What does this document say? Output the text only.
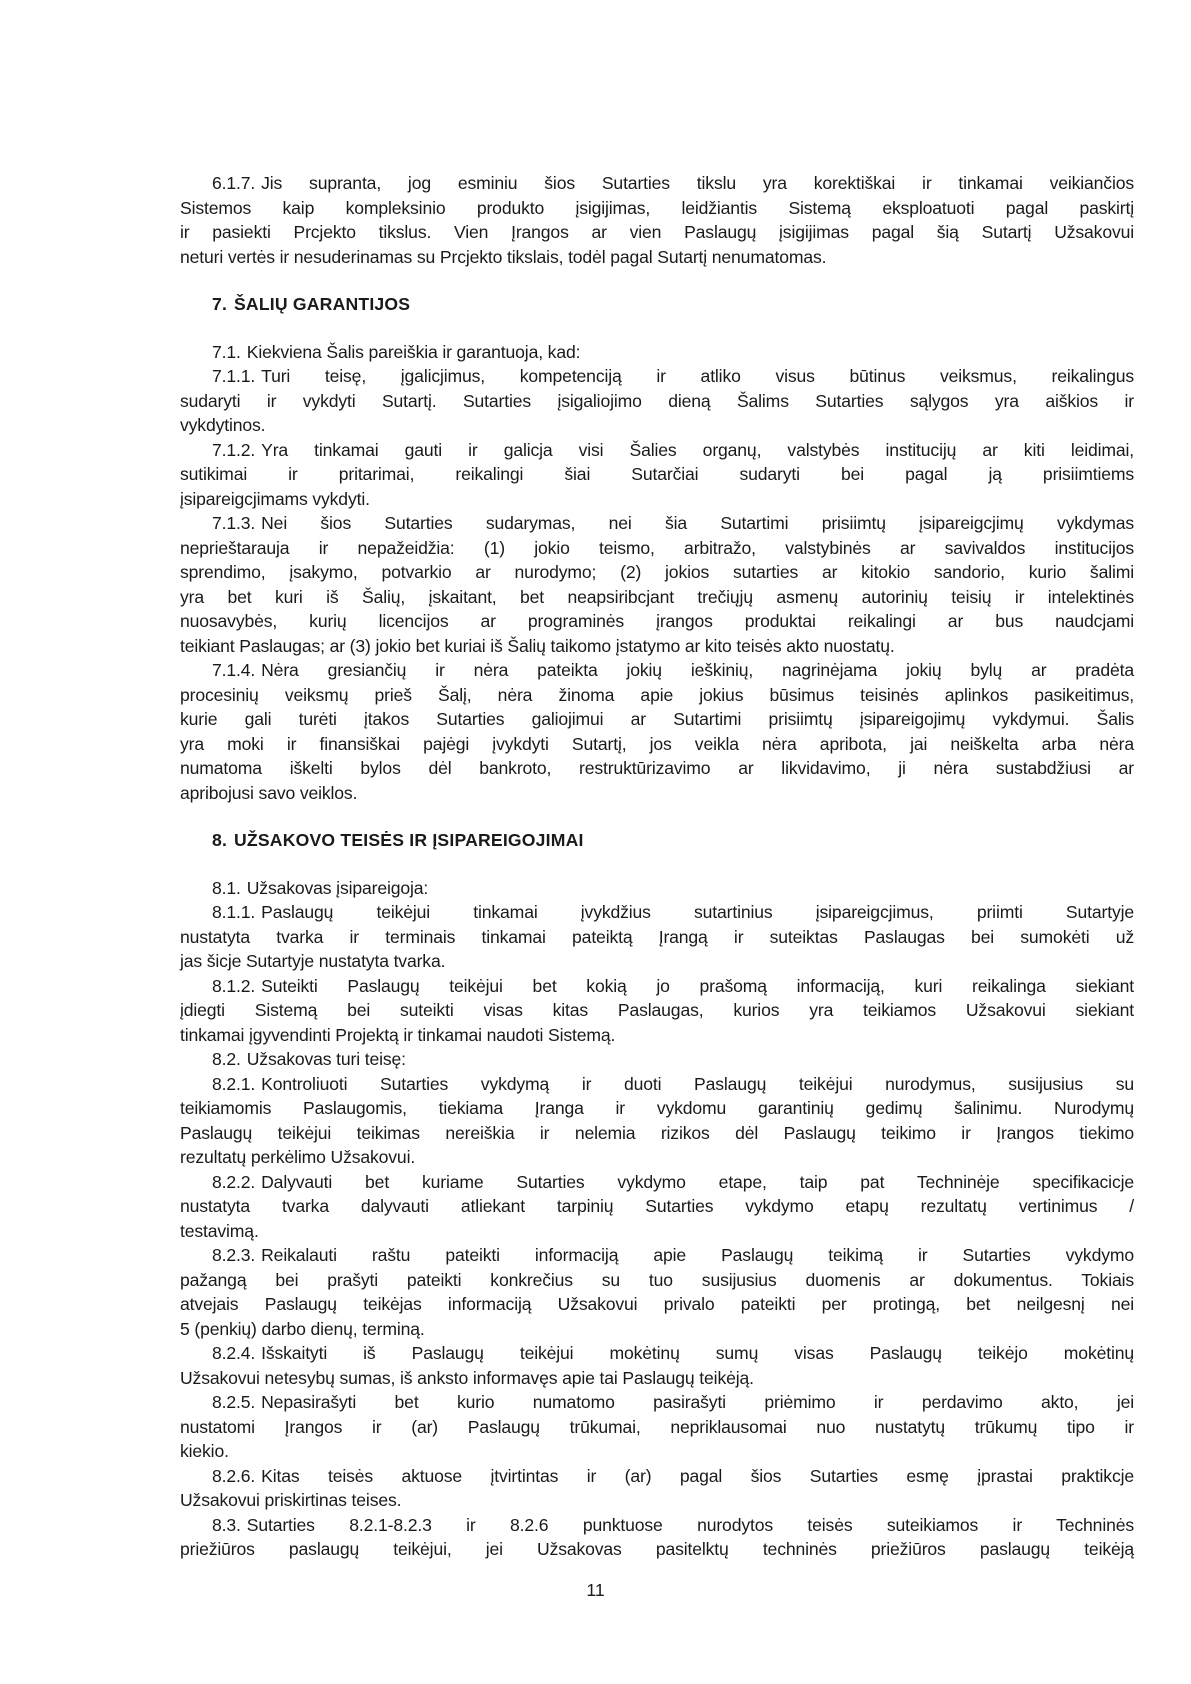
6.1.7. Jis supranta, jog esminiu šios Sutarties tikslu yra korektiškai ir tinkamai veikiančios
Sistemos kaip kompleksinio produkto įsigijimas, leidžiantis Sistemą eksploatuoti pagal paskirtį
ir pasiekti Prcjekto tikslus. Vien Įrangos ar vien Paslaugų įsigijimas pagal šią Sutartį Užsakovui
neturi vertės ir nesuderinamas su Prcjekto tikslais, todėl pagal Sutartį nenumatomas.
7. ŠALIŲ GARANTIJOS
7.1. Kiekviena Šalis pareiškia ir garantuoja, kad:
7.1.1. Turi teisę, įgalicjimus, kompetenciją ir atliko visus būtinus veiksmus, reikalingus
sudaryti ir vykdyti Sutartį. Sutarties įsigaliojimo dieną Šalims Sutarties sąlygos yra aiškios ir
vykdytinos.
7.1.2. Yra tinkamai gauti ir galicja visi Šalies organų, valstybės institucijų ar kiti leidimai,
sutikimai ir pritarimai, reikalingi šiai Sutarčiai sudaryti bei pagal ją prisiimtiems
įsipareigcjimams vykdyti.
7.1.3. Nei šios Sutarties sudarymas, nei šia Sutartimi prisiimtų įsipareigcjimų vykdymas
neprieštarauja ir nepažeidžia: (1) jokio teismo, arbitražo, valstybinės ar savivaldos institucijos
sprendimo, įsakymo, potvarkio ar nurodymo; (2) jokios sutarties ar kitokio sandorio, kurio šalimi
yra bet kuri iš Šalių, įskaitant, bet neapsiribcjant trečiųjų asmenų autorinių teisių ir intelektinės
nuosavybės, kurių licencijos ar programinės įrangos produktai reikalingi ar bus naudcjami
teikiant Paslaugas; ar (3) jokio bet kuriai iš Šalių taikomo įstatymo ar kito teisės akto nuostatų.
7.1.4. Nėra gresiančių ir nėra pateikta jokių ieškinių, nagrinėjama jokių bylų ar pradėta
procesinių veiksmų prieš Šalį, nėra žinoma apie jokius būsimus teisinės aplinkos pasikeitimus,
kurie gali turėti įtakos Sutarties galiojimui ar Sutartimi prisiimtų įsipareigojimų vykdymui. Šalis
yra moki ir finansiškai pajėgi įvykdyti Sutartį, jos veikla nėra apribota, jai neiškelta arba nėra
numatoma iškelti bylos dėl bankroto, restruktūrizavimo ar likvidavimo, ji nėra sustabdžiusi ar
apribojusi savo veiklos.
8. UŽSAKOVO TEISĖS IR ĮSIPAREIGOJIMAI
8.1. Užsakovas įsipareigoja:
8.1.1. Paslaugų teikėjui tinkamai įvykdžius sutartinius įsipareigcjimus, priimti Sutartyje
nustatyta tvarka ir terminais tinkamai pateiktą Įrangą ir suteiktas Paslaugas bei sumokėti už
jas šicje Sutartyje nustatyta tvarka.
8.1.2. Suteikti Paslaugų teikėjui bet kokią jo prašomą informaciją, kuri reikalinga siekiant
įdiegti Sistemą bei suteikti visas kitas Paslaugas, kurios yra teikiamos Užsakovui siekiant
tinkamai įgyvendinti Projektą ir tinkamai naudoti Sistemą.
8.2. Užsakovas turi teisę:
8.2.1. Kontroliuoti Sutarties vykdymą ir duoti Paslaugų teikėjui nurodymus, susijusius su
teikiamomis Paslaugomis, tiekiama Įranga ir vykdomu garantinių gedimų šalinimu. Nurodymų
Paslaugų teikėjui teikimas nereiškia ir nelemia rizikos dėl Paslaugų teikimo ir Įrangos tiekimo
rezultatų perkėlimo Užsakovui.
8.2.2. Dalyvauti bet kuriame Sutarties vykdymo etape, taip pat Techninėje specifikacicje
nustatyta tvarka dalyvauti atliekant tarpinių Sutarties vykdymo etapų rezultatų vertinimus /
testavimą.
8.2.3. Reikalauti raštu pateikti informaciją apie Paslaugų teikimą ir Sutarties vykdymo
pažangą bei prašyti pateikti konkrečius su tuo susijusius duomenis ar dokumentus. Tokiais
atvejais Paslaugų teikėjas informaciją Užsakovui privalo pateikti per protingą, bet neilgesnį nei
5 (penkių) darbo dienų, terminą.
8.2.4. Išskaityti iš Paslaugų teikėjui mokėtinų sumų visas Paslaugų teikėjo mokėtinų
Užsakovui netesybų sumas, iš anksto informavęs apie tai Paslaugų teikėją.
8.2.5. Nepasirašyti bet kurio numatomo pasirašyti priėmimo ir perdavimo akto, jei
nustatomi Įrangos ir (ar) Paslaugų trūkumai, nepriklausomai nuo nustatytų trūkumų tipo ir
kiekio.
8.2.6. Kitas teisės aktuose įtvirtintas ir (ar) pagal šios Sutarties esmę įprastai praktikcje
Užsakovui priskirtinas teises.
8.3. Sutarties 8.2.1-8.2.3 ir 8.2.6 punktuose nurodytos teisės suteikiamos ir Techninės
priežiūros paslaugų teikėjui, jei Užsakovas pasitelktų techninės priežiūros paslaugų teikėją
11
